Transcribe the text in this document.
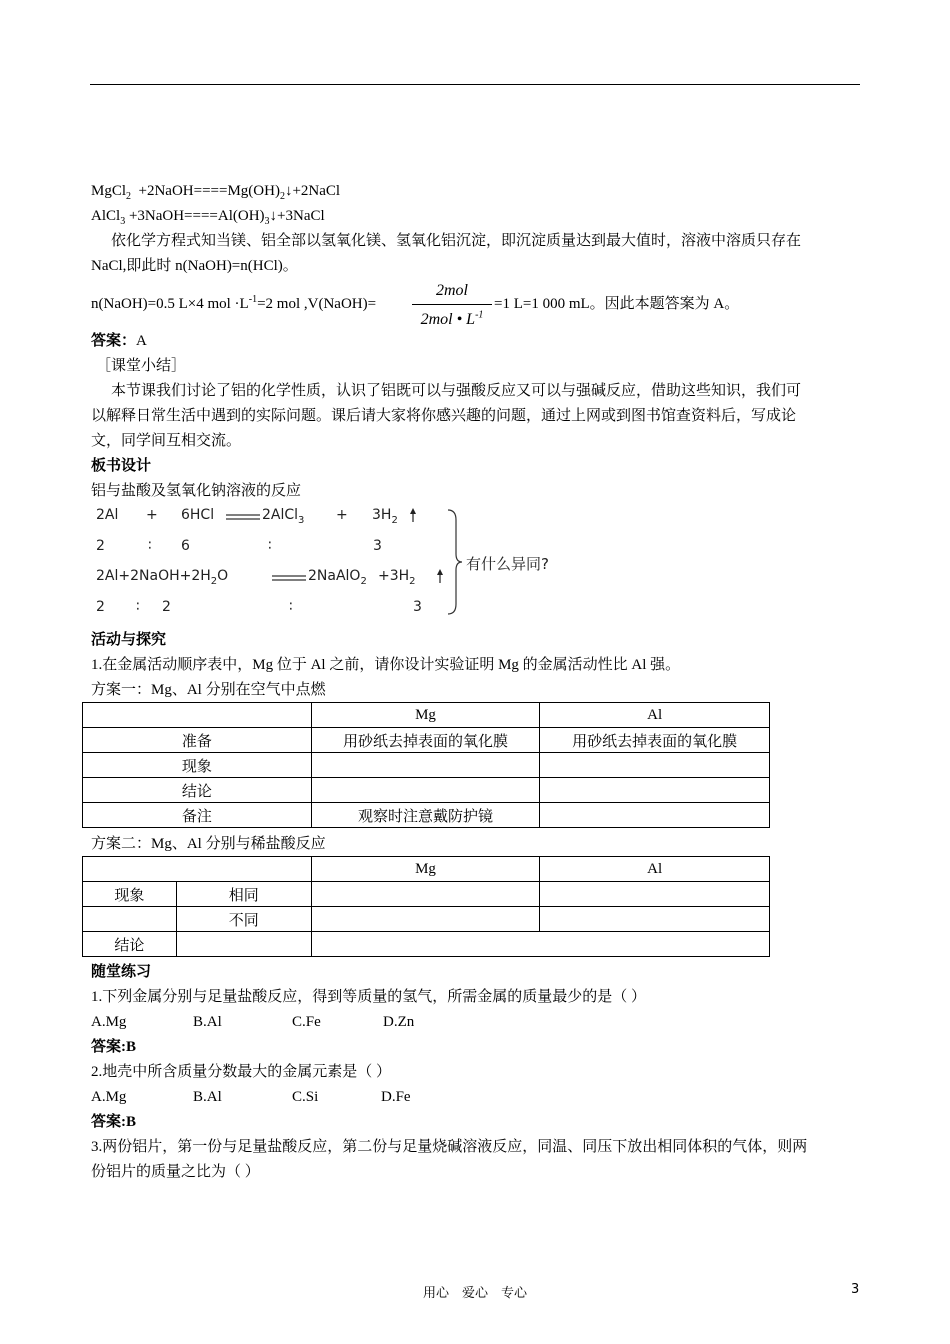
MgCl$_2$  $+2NaOH====Mg(OH)_2↓+2NaCl$
AlCl$_3$ $+3NaOH====Al(OH)_3↓+3NaCl$
依化学方程式知当镁、铝全部以氢氧化镁、氢氧化铝沉淀，即沉淀质量达到最大值时，溶液中溶质只存在
NaCl,即此时 n(NaOH)=n(HCl)。
n(NaOH)=0.5 L×4 mol $\cdot L^{-1}=2$ mol ,V(NaOH)=
2mol
2mol • $L^{-1}$
=1 L=1 000 mL。因此本题答案为 A。
答案：A
［课堂小结］
本节课我们讨论了铝的化学性质，认识了铝既可以与强酸反应又可以与强碱反应，借助这些知识，我们可
以解释日常生活中遇到的实际问题。课后请大家将你感兴趣的问题，通过上网或到图书馆查资料后，写成论
文，同学间互相交流。
板书设计
铝与盐酸及氢氧化钠溶液的反应
2Al + 6HCl	2AlCl$_3$ + $3H_2$
2	∶ 6	∶	3
$2Al+2NaOH+2H_2O$	2NaAlO$_2$ $+3H_2$
2 ∶ 2	∶	3
有什么异同?
活动与探究
1.在金属活动顺序表中，Mg 位于 Al 之前，请你设计实验证明 Mg 的金属活动性比 Al 强。
方案一：Mg、Al 分别在空气中点燃
	Mg	Al
准备	用砂纸去掉表面的氧化膜	用砂纸去掉表面的氧化膜
现象		
结论		
备注	观察时注意戴防护镜	
方案二：Mg、Al 分别与稀盐酸反应
		Mg	Al
现象	相同		
	不同		
结论			
随堂练习
1.下列金属分别与足量盐酸反应，得到等质量的氢气，所需金属的质量最少的是（ ）
A.Mg	B.Al	C.Fe	D.Zn
答案:B
2.地壳中所含质量分数最大的金属元素是（ ）
A.Mg	B.Al	C.Si	D.Fe
答案:B
3.两份铝片，第一份与足量盐酸反应，第二份与足量烧碱溶液反应，同温、同压下放出相同体积的气体，则两
份铝片的质量之比为（ ）
用心　爱心　专心	3
